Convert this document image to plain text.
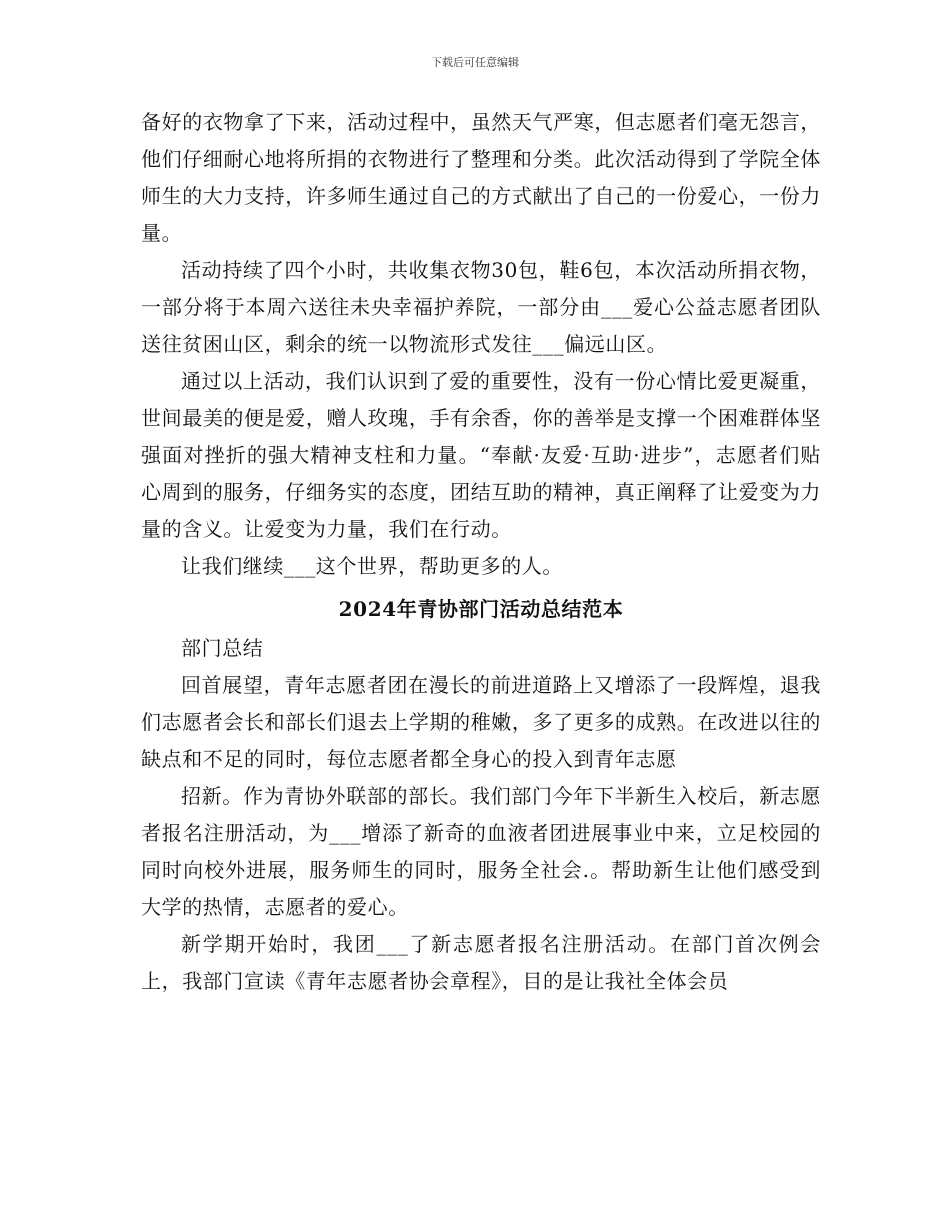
下载后可任意编辑

备好的衣物拿了下来，活动过程中，虽然天气严寒，但志愿者们毫无怨言，他们仔细耐心地将所捐的衣物进行了整理和分类。此次活动得到了学院全体师生的大力支持，许多师生通过自己的方式献出了自己的一份爱心，一份力量。

活动持续了四个小时，共收集衣物30包，鞋6包，本次活动所捐衣物，一部分将于本周六送往未央幸福护养院，一部分由___爱心公益志愿者团队送往贫困山区，剩余的统一以物流形式发往___偏远山区。

通过以上活动，我们认识到了爱的重要性，没有一份心情比爱更凝重，世间最美的便是爱，赠人玫瑰，手有余香，你的善举是支撑一个困难群体坚强面对挫折的强大精神支柱和力量。“奉献·友爱·互助·进步”，志愿者们贴心周到的服务，仔细务实的态度，团结互助的精神，真正阐释了让爱变为力量的含义。让爱变为力量，我们在行动。

让我们继续___这个世界，帮助更多的人。

2024年青协部门活动总结范本

部门总结

回首展望，青年志愿者团在漫长的前进道路上又增添了一段辉煌，退我们志愿者会长和部长们退去上学期的稚嫩，多了更多的成熟。在改进以往的缺点和不足的同时，每位志愿者都全身心的投入到青年志愿

招新。作为青协外联部的部长。我们部门今年下半新生入校后，新志愿者报名注册活动，为___增添了新奇的血液者团进展事业中来，立足校园的同时向校外进展，服务师生的同时，服务全社会.。帮助新生让他们感受到大学的热情，志愿者的爱心。

新学期开始时，我团___了新志愿者报名注册活动。在部门首次例会上，我部门宣读《青年志愿者协会章程》，目的是让我社全体会员
